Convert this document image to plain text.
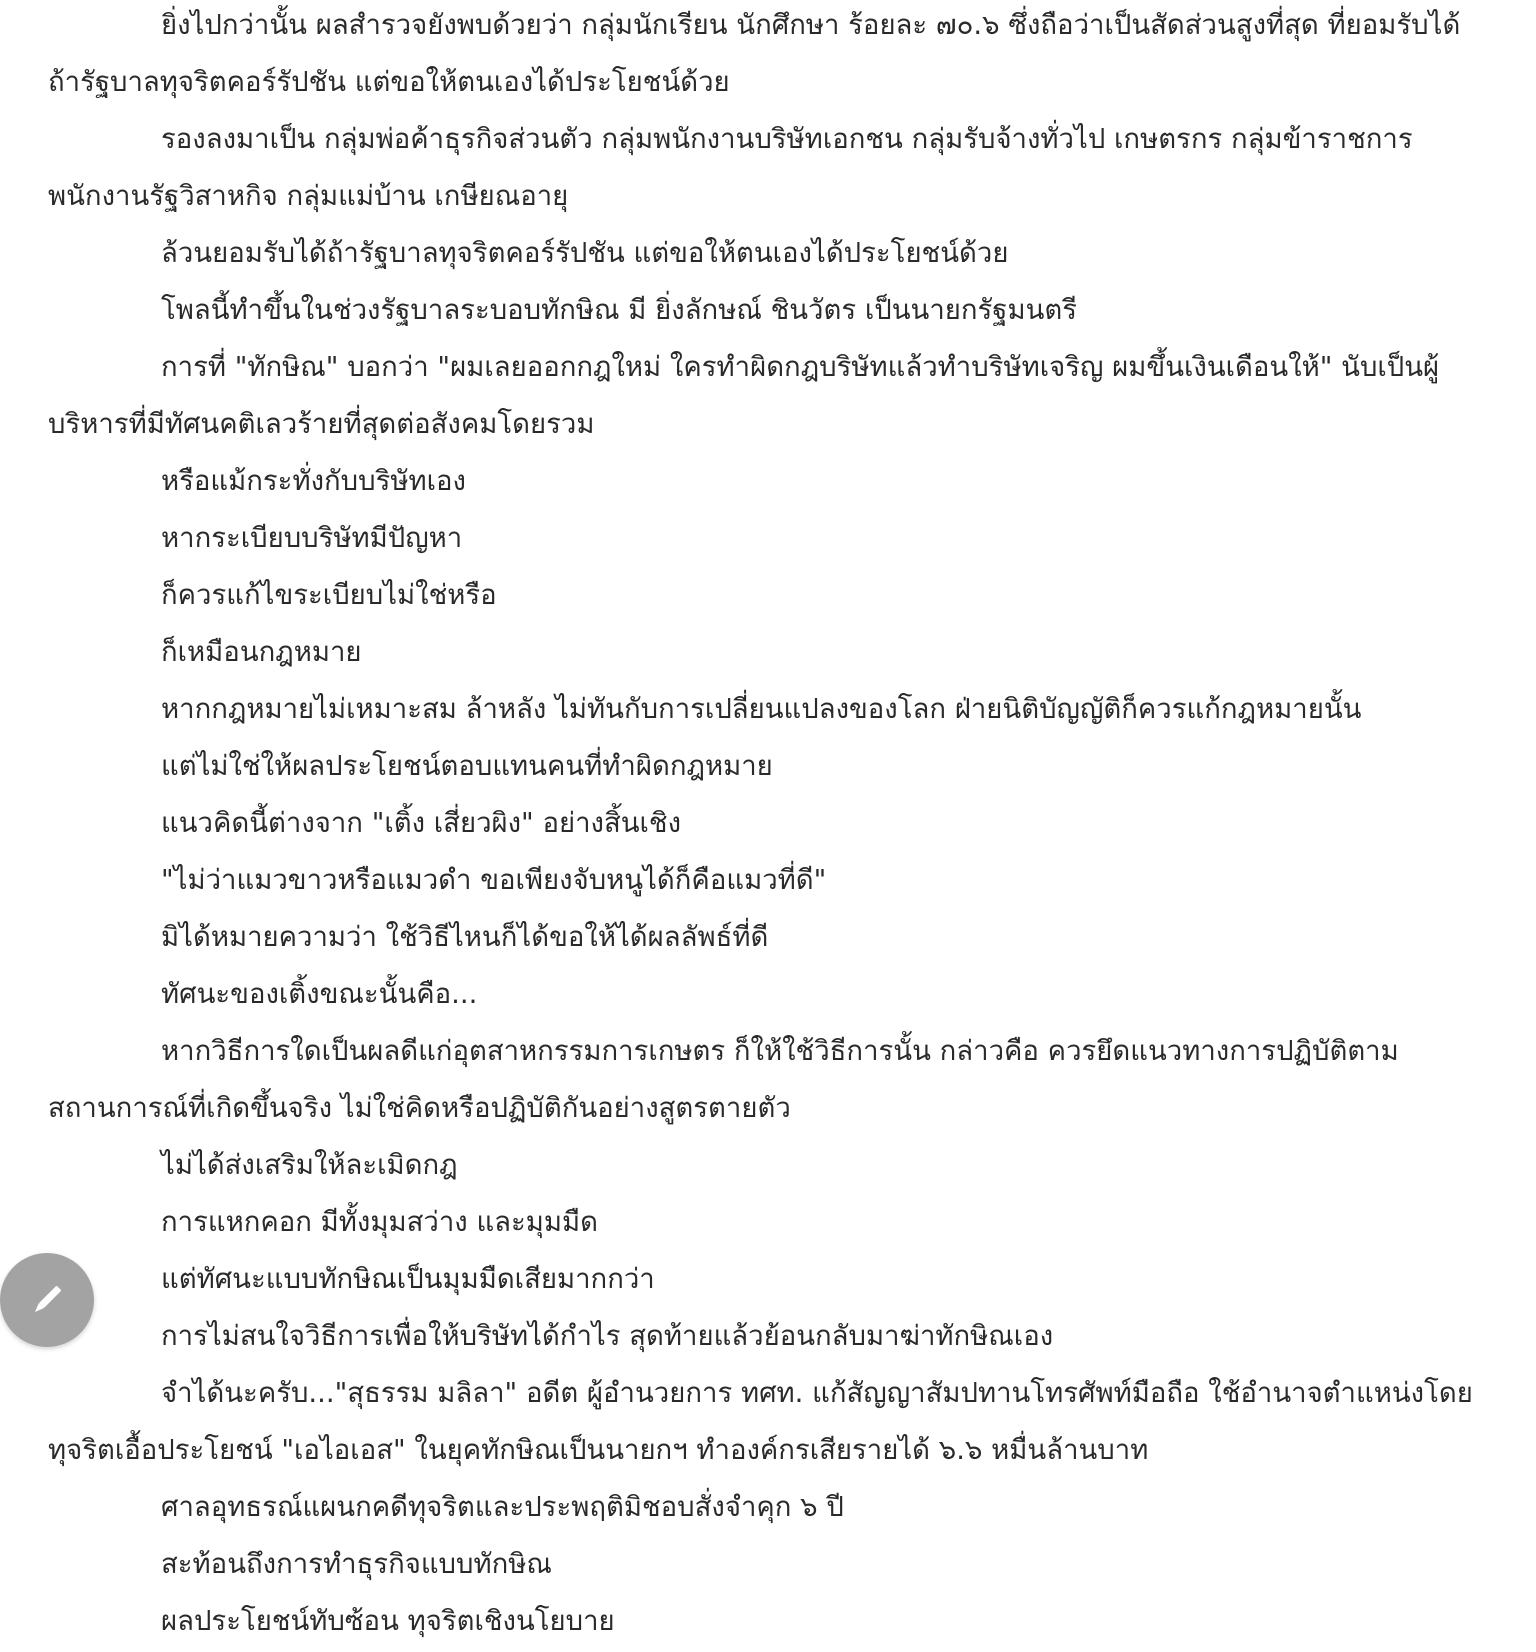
ยิ่งไปกว่านั้น ผลสำรวจยังพบด้วยว่า กลุ่มนักเรียน นักศึกษา ร้อยละ ๗๐.๖ ซึ่งถือว่าเป็นสัดส่วนสูงที่สุด ที่ยอมรับได้ ถ้ารัฐบาลทุจริตคอร์รัปชัน แต่ขอให้ตนเองได้ประโยชน์ด้วย

รองลงมาเป็น กลุ่มพ่อค้าธุรกิจส่วนตัว กลุ่มพนักงานบริษัทเอกชน กลุ่มรับจ้างทั่วไป เกษตรกร กลุ่มข้าราชการ พนักงานรัฐวิสาหกิจ กลุ่มแม่บ้าน เกษียณอายุ

ล้วนยอมรับได้ถ้ารัฐบาลทุจริตคอร์รัปชัน แต่ขอให้ตนเองได้ประโยชน์ด้วย

โพลนี้ทำขึ้นในช่วงรัฐบาลระบอบทักษิณ มี ยิ่งลักษณ์ ชินวัตร เป็นนายกรัฐมนตรี

การที่ "ทักษิณ" บอกว่า "ผมเลยออกกฎใหม่ ใครทำผิดกฎบริษัทแล้วทำบริษัทเจริญ ผมขึ้นเงินเดือนให้" นับเป็นผู้บริหารที่มีทัศนคติเลวร้ายที่สุดต่อสังคมโดยรวม

หรือแม้กระทั่งกับบริษัทเอง

หากระเบียบบริษัทมีปัญหา

ก็ควรแก้ไขระเบียบไม่ใช่หรือ

ก็เหมือนกฎหมาย

หากกฎหมายไม่เหมาะสม ล้าหลัง ไม่ทันกับการเปลี่ยนแปลงของโลก ฝ่ายนิติบัญญัติก็ควรแก้กฎหมายนั้น

แต่ไม่ใช่ให้ผลประโยชน์ตอบแทนคนที่ทำผิดกฎหมาย

แนวคิดนี้ต่างจาก "เติ้ง เสี่ยวผิง" อย่างสิ้นเชิง

"ไม่ว่าแมวขาวหรือแมวดำ ขอเพียงจับหนูได้ก็คือแมวที่ดี"

มิได้หมายความว่า ใช้วิธีไหนก็ได้ขอให้ได้ผลลัพธ์ที่ดี

ทัศนะของเติ้งขณะนั้นคือ...

หากวิธีการใดเป็นผลดีแก่อุตสาหกรรมการเกษตร ก็ให้ใช้วิธีการนั้น กล่าวคือ ควรยึดแนวทางการปฏิบัติตามสถานการณ์ที่เกิดขึ้นจริง ไม่ใช่คิดหรือปฏิบัติกันอย่างสูตรตายตัว

ไม่ได้ส่งเสริมให้ละเมิดกฎ

การแหกคอก มีทั้งมุมสว่าง และมุมมืด

แต่ทัศนะแบบทักษิณเป็นมุมมืดเสียมากกว่า

การไม่สนใจวิธีการเพื่อให้บริษัทได้กำไร สุดท้ายแล้วย้อนกลับมาฆ่าทักษิณเอง

จำได้นะครับ..."สุธรรม มลิลา" อดีต ผู้อำนวยการ ทศท. แก้สัญญาสัมปทานโทรศัพท์มือถือ ใช้อำนาจตำแหน่งโดยทุจริตเอื้อประโยชน์ "เอไอเอส" ในยุคทักษิณเป็นนายกฯ ทำองค์กรเสียรายได้ ๖.๖ หมื่นล้านบาท

ศาลอุทธรณ์แผนกคดีทุจริตและประพฤติมิชอบสั่งจำคุก ๖ ปี

สะท้อนถึงการทำธุรกิจแบบทักษิณ

ผลประโยชน์ทับซ้อน ทุจริตเชิงนโยบาย
